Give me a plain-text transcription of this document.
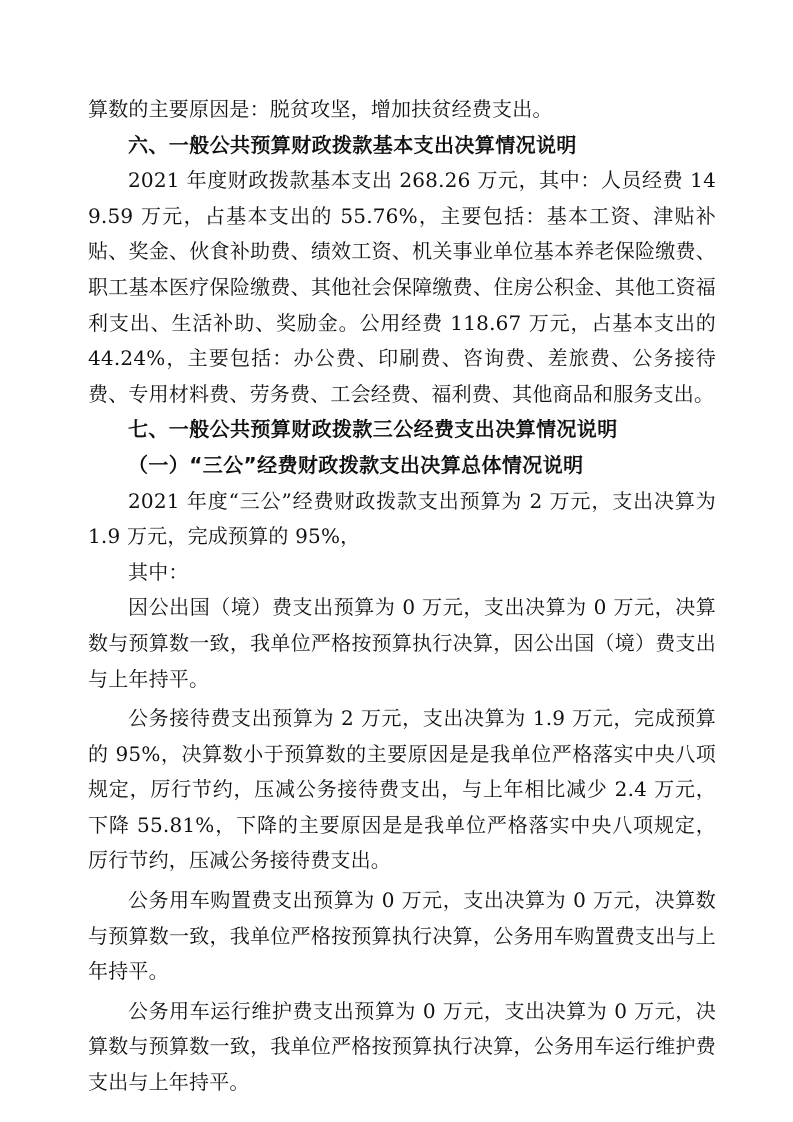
算数的主要原因是：脱贫攻坚，增加扶贫经费支出。

六、一般公共预算财政拨款基本支出决算情况说明

2021 年度财政拨款基本支出 268.26 万元，其中：人员经费 149.59 万元，占基本支出的 55.76%，主要包括：基本工资、津贴补贴、奖金、伙食补助费、绩效工资、机关事业单位基本养老保险缴费、职工基本医疗保险缴费、其他社会保障缴费、住房公积金、其他工资福利支出、生活补助、奖励金。公用经费 118.67 万元，占基本支出的 44.24%，主要包括：办公费、印刷费、咨询费、差旅费、公务接待费、专用材料费、劳务费、工会经费、福利费、其他商品和服务支出。

七、一般公共预算财政拨款三公经费支出决算情况说明
（一）“三公”经费财政拨款支出决算总体情况说明

2021 年度“三公”经费财政拨款支出预算为 2 万元，支出决算为 1.9 万元，完成预算的 95%，

其中：

因公出国（境）费支出预算为 0 万元，支出决算为 0 万元，决算数与预算数一致，我单位严格按预算执行决算，因公出国（境）费支出与上年持平。

公务接待费支出预算为 2 万元，支出决算为 1.9 万元，完成预算的 95%，决算数小于预算数的主要原因是是我单位严格落实中央八项规定，厉行节约，压减公务接待费支出，与上年相比减少 2.4 万元，下降 55.81%，下降的主要原因是是我单位严格落实中央八项规定，厉行节约，压减公务接待费支出。

公务用车购置费支出预算为 0 万元，支出决算为 0 万元，决算数与预算数一致，我单位严格按预算执行决算，公务用车购置费支出与上年持平。

公务用车运行维护费支出预算为 0 万元，支出决算为 0 万元，决算数与预算数一致，我单位严格按预算执行决算，公务用车运行维护费支出与上年持平。
